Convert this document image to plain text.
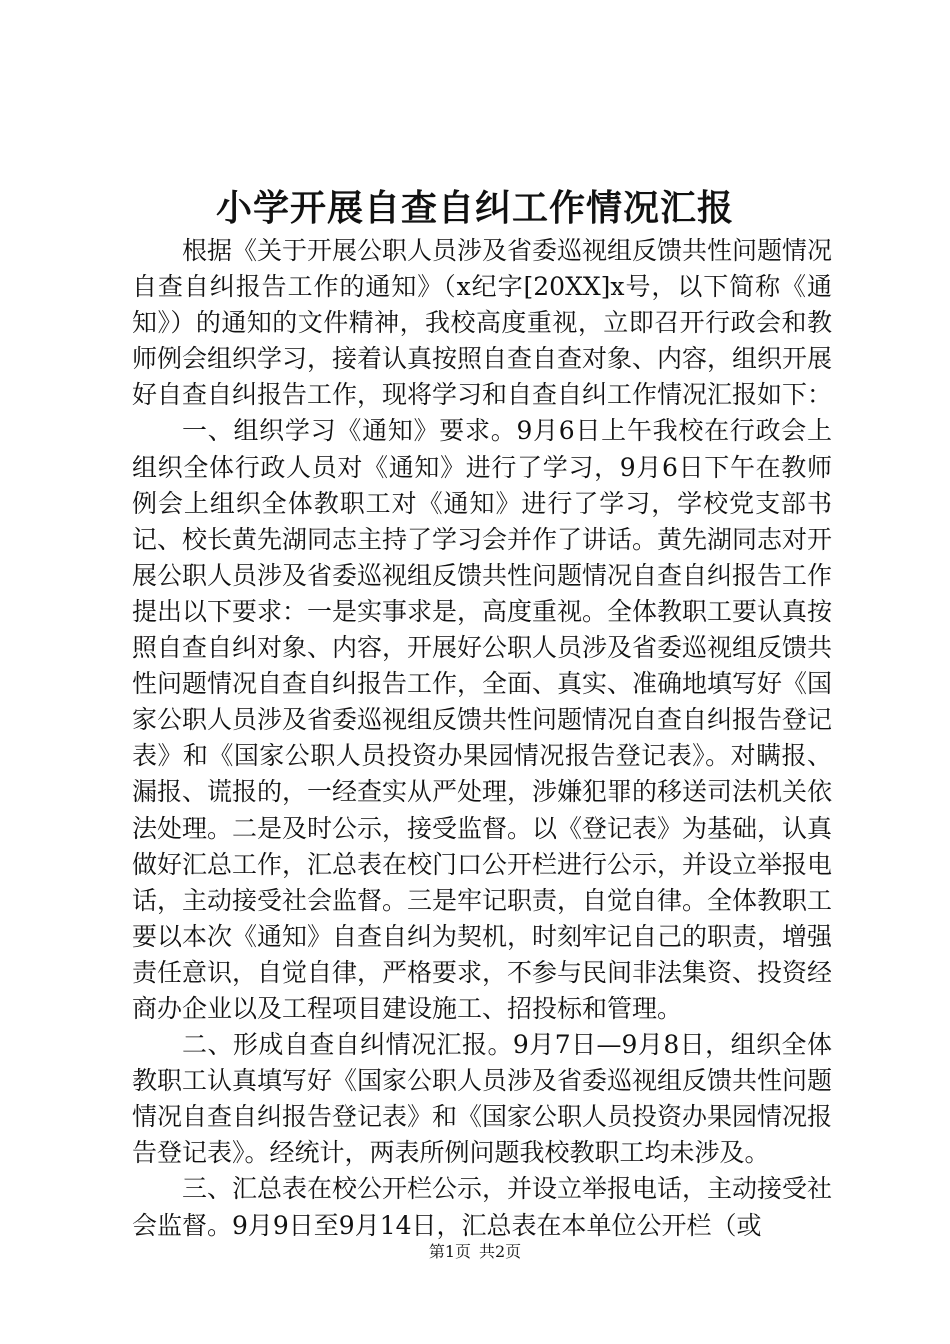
小学开展自查自纠工作情况汇报

根据《关于开展公职人员涉及省委巡视组反馈共性问题情况自查自纠报告工作的通知》（x纪字[20XX]x号，以下简称《通知》）的通知的文件精神，我校高度重视，立即召开行政会和教师例会组织学习，接着认真按照自查自查对象、内容，组织开展好自查自纠报告工作，现将学习和自查自纠工作情况汇报如下：

一、组织学习《通知》要求。9月6日上午我校在行政会上组织全体行政人员对《通知》进行了学习，9月6日下午在教师例会上组织全体教职工对《通知》进行了学习，学校党支部书记、校长黄先湖同志主持了学习会并作了讲话。黄先湖同志对开展公职人员涉及省委巡视组反馈共性问题情况自查自纠报告工作提出以下要求：一是实事求是，高度重视。全体教职工要认真按照自查自纠对象、内容，开展好公职人员涉及省委巡视组反馈共性问题情况自查自纠报告工作，全面、真实、准确地填写好《国家公职人员涉及省委巡视组反馈共性问题情况自查自纠报告登记表》和《国家公职人员投资办果园情况报告登记表》。对瞒报、漏报、谎报的，一经查实从严处理，涉嫌犯罪的移送司法机关依法处理。二是及时公示，接受监督。以《登记表》为基础，认真做好汇总工作，汇总表在校门口公开栏进行公示，并设立举报电话，主动接受社会监督。三是牢记职责，自觉自律。全体教职工要以本次《通知》自查自纠为契机，时刻牢记自己的职责，增强责任意识，自觉自律，严格要求，不参与民间非法集资、投资经商办企业以及工程项目建设施工、招投标和管理。

二、形成自查自纠情况汇报。9月7日—9月8日，组织全体教职工认真填写好《国家公职人员涉及省委巡视组反馈共性问题情况自查自纠报告登记表》和《国家公职人员投资办果园情况报告登记表》。经统计，两表所例问题我校教职工均未涉及。

三、汇总表在校公开栏公示，并设立举报电话，主动接受社会监督。9月9日至9月14日，汇总表在本单位公开栏（或

第1页 共2页
